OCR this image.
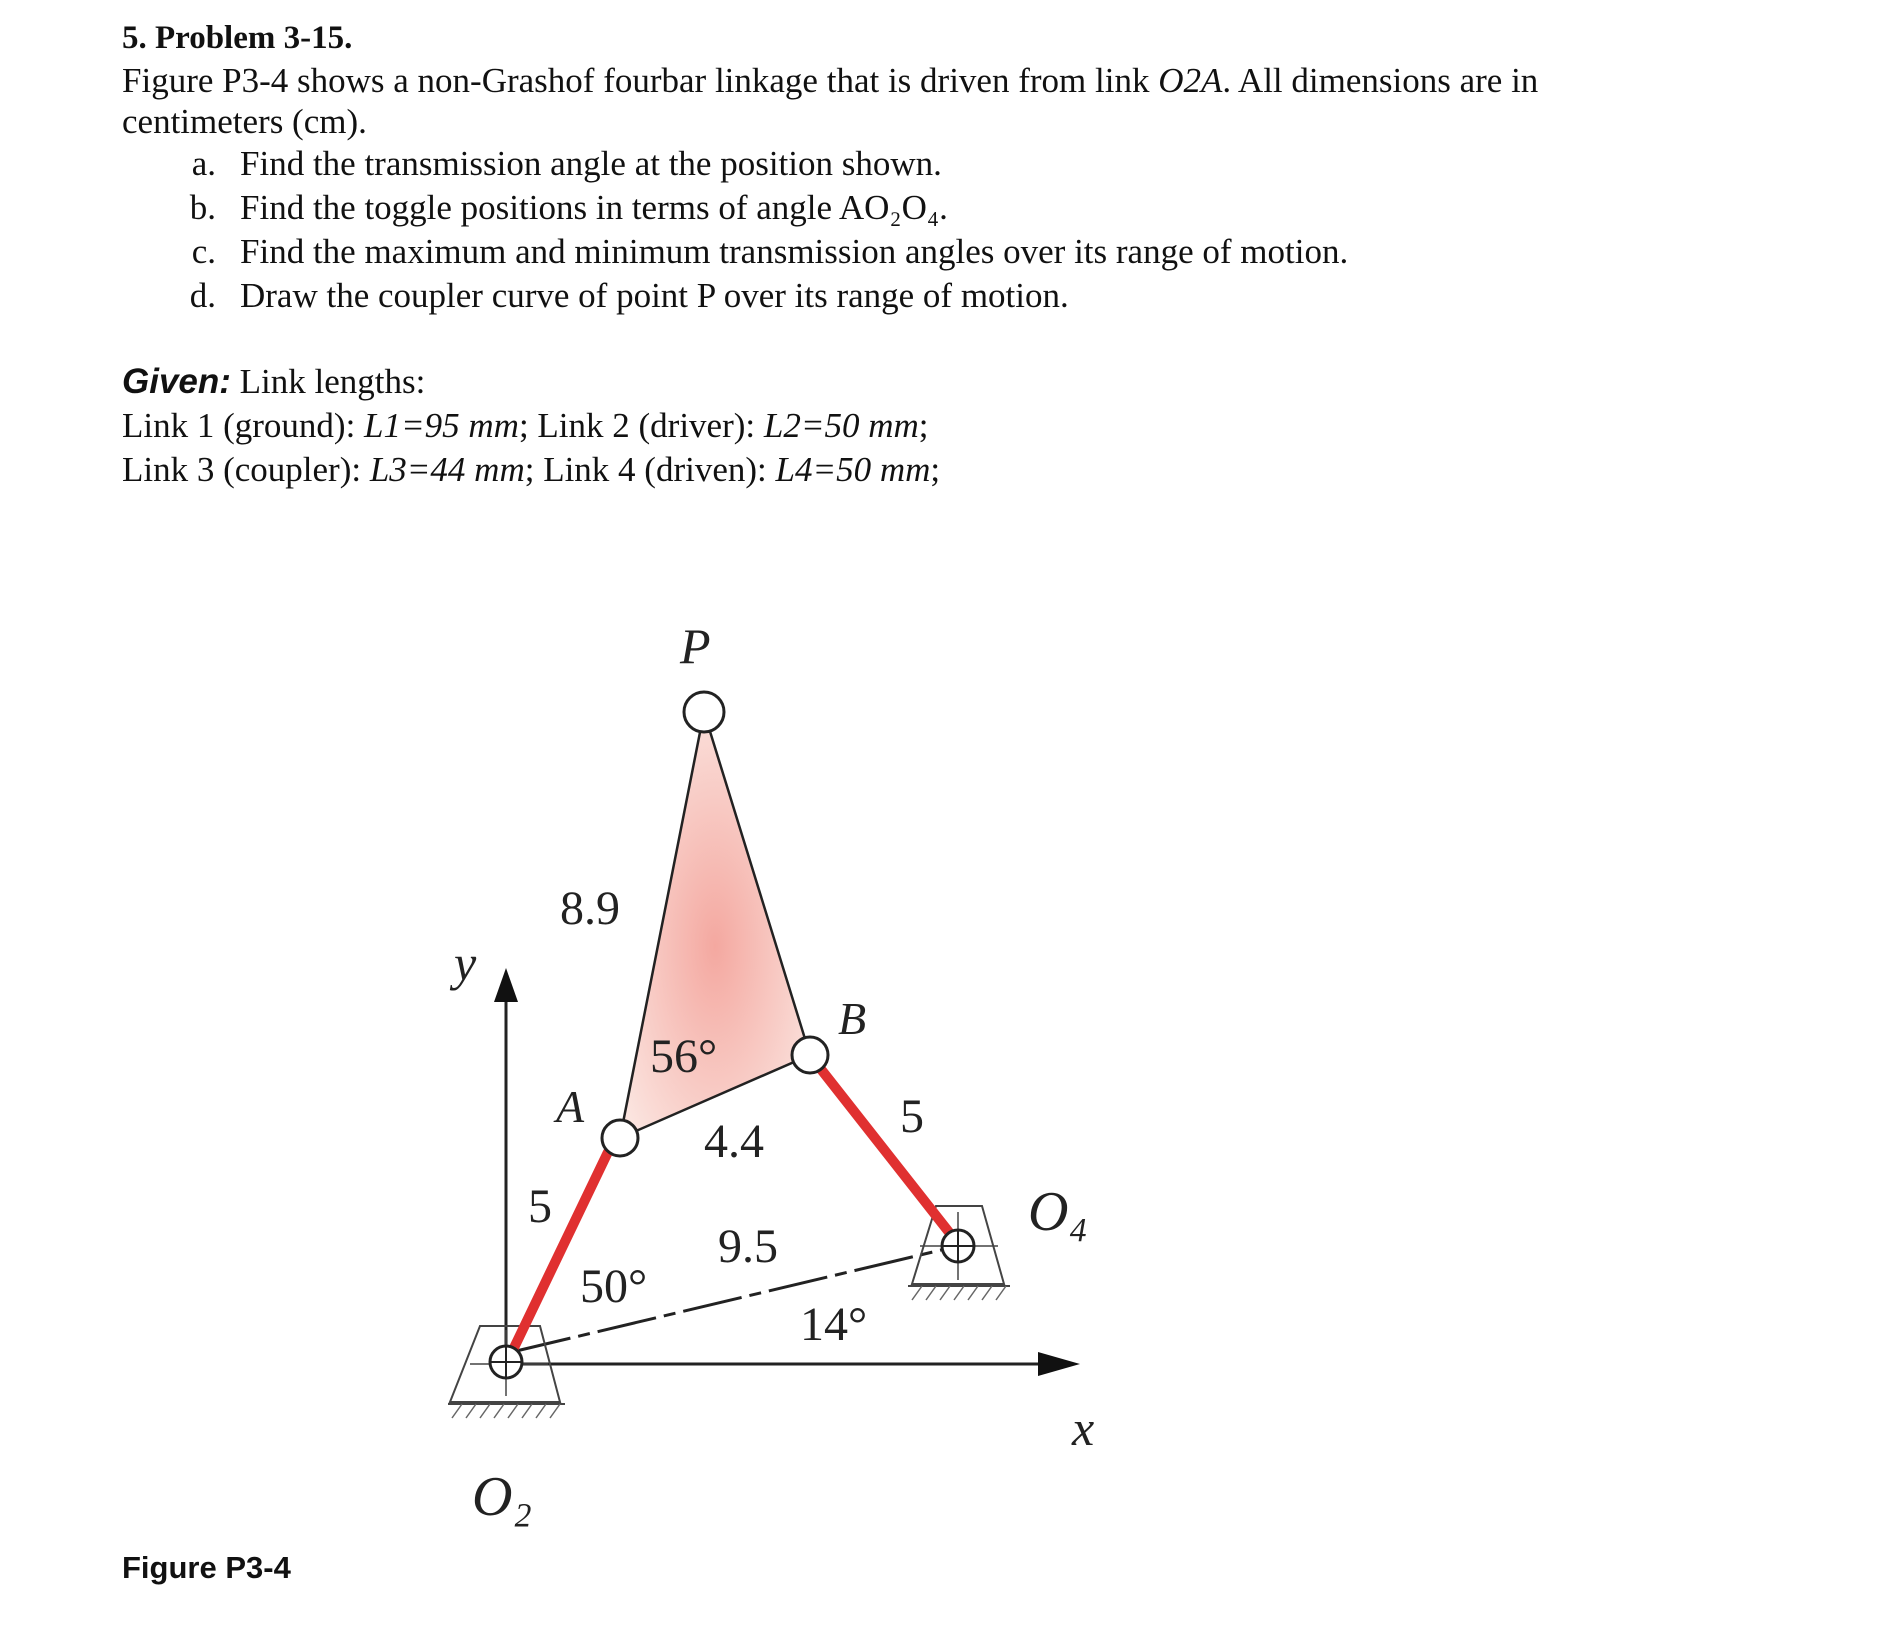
5. Problem 3-15.
Figure P3-4 shows a non-Grashof fourbar linkage that is driven from link O2A. All dimensions are in centimeters (cm).
a. Find the transmission angle at the position shown.
b. Find the toggle positions in terms of angle AO₂O₄.
c. Find the maximum and minimum transmission angles over its range of motion.
d. Draw the coupler curve of point P over its range of motion.
Given: Link lengths:
Link 1 (ground): L1=95 mm; Link 2 (driver): L2=50 mm;
Link 3 (coupler): L3=44 mm; Link 4 (driven): L4=50 mm;
P
A
B
O₂
O₄
x
y
8.9
4.4
5
5
9.5
56°
50°
14°
Figure P3-4
